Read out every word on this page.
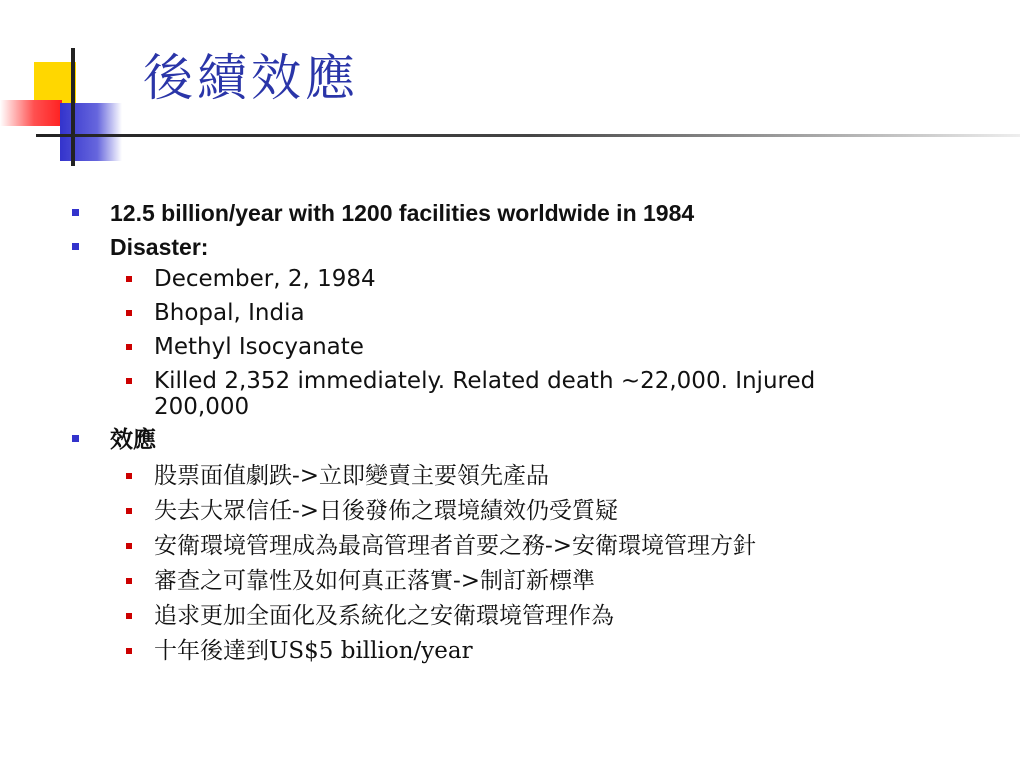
後續效應
12.5 billion/year with 1200 facilities worldwide in 1984
Disaster:
December, 2, 1984
Bhopal, India
Methyl Isocyanate
Killed 2,352 immediately. Related death ~22,000. Injured 200,000
效應
股票面值劇跌->立即變賣主要領先產品
失去大眾信任->日後發佈之環境績效仍受質疑
安衛環境管理成為最高管理者首要之務->安衛環境管理方針
審查之可靠性及如何真正落實->制訂新標準
追求更加全面化及系統化之安衛環境管理作為
十年後達到US$5 billion/year
